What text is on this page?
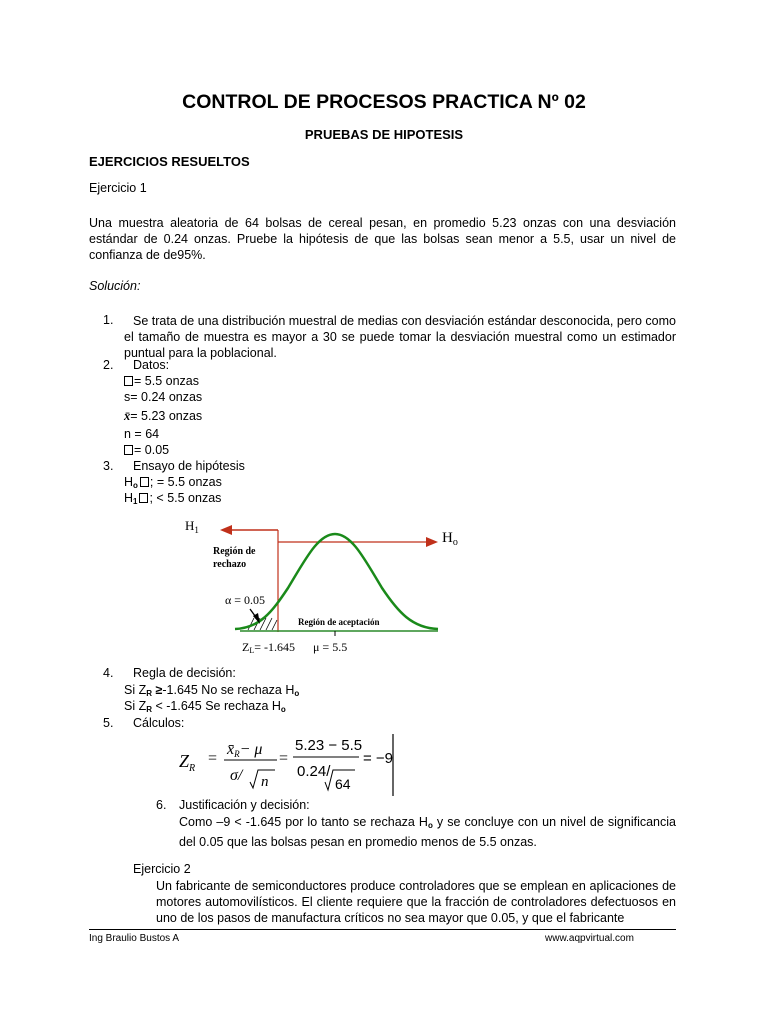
CONTROL DE PROCESOS PRACTICA Nº 02
PRUEBAS DE HIPOTESIS
EJERCICIOS RESUELTOS
Ejercicio 1
Una muestra aleatoria de 64 bolsas de cereal pesan, en promedio 5.23 onzas con una desviación estándar de 0.24 onzas. Pruebe la hipótesis de que las bolsas sean menor a 5.5, usar un nivel de confianza de de95%.
Solución:
1.	Se trata de una distribución muestral de medias con desviación estándar desconocida, pero como el tamaño de muestra es mayor a 30 se puede tomar la desviación muestral como un estimador puntual para la poblacional.
2. Datos:
= 5.5 onzas
s= 0.24 onzas
x̄= 5.23 onzas
n = 64
= 0.05
3. Ensayo de hipótesis
$H_o$ ; = 5.5 onzas
$H_1$ ; < 5.5 onzas
$H_1$	$H_o$
Región de
rechazo
α = 0.05
Región de aceptación
ZL= -1.645 μ = 5.5
4. Regla de decisión:
Si $Z_R \ge-1.645$ No se rechaza $H_o$
Si $Z_R < -1.645$ Se rechaza $H_o$
5. Cálculos:
$Z_R$
=
x̄R− μ
σ/ n
=
5.23 − 5.5
0.24/
64
= −9
6. Justificación y decisión:
Como –9 < -1.645 por lo tanto se rechaza $H_o$ y se concluye con un nivel de significancia del 0.05 que las bolsas pesan en promedio menos de 5.5 onzas.
Ejercicio 2
Un fabricante de semiconductores produce controladores que se emplean en aplicaciones de motores automovilísticos. El cliente requiere que la fracción de controladores defectuosos en uno de los pasos de manufactura críticos no sea mayor que 0.05, y que el fabricante
Ing Braulio Bustos A	www.aqpvirtual.com
